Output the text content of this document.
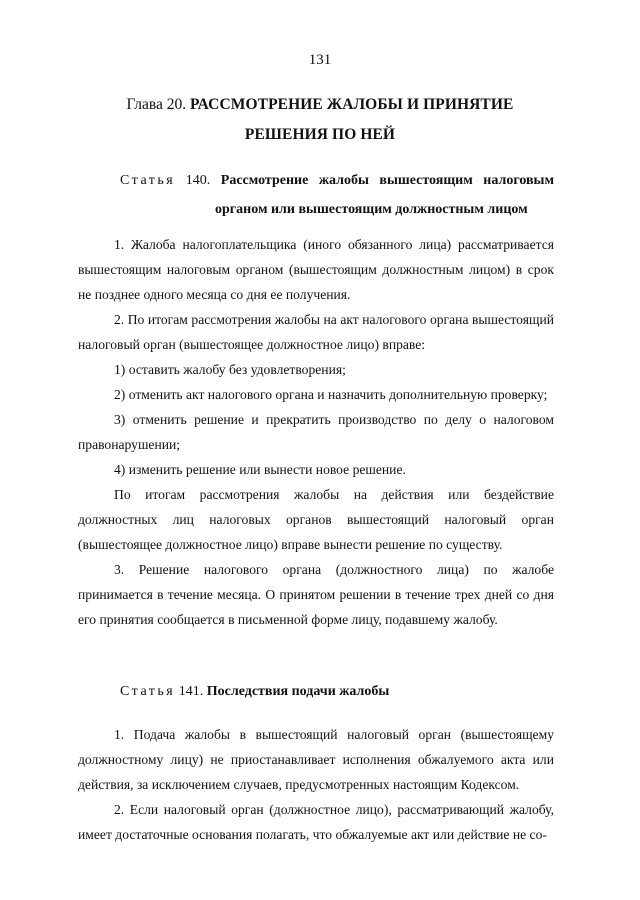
131
Глава 20. РАССМОТРЕНИЕ ЖАЛОБЫ И ПРИНЯТИЕ
РЕШЕНИЯ ПО НЕЙ
Статья 140. Рассмотрение жалобы вышестоящим налоговым
органом или вышестоящим должностным лицом

1. Жалоба налогоплательщика (иного обязанного лица) рассматривается вышестоящим налоговым органом (вышестоящим должностным лицом) в срок не позднее одного месяца со дня ее получения.

2. По итогам рассмотрения жалобы на акт налогового органа вышестоящий налоговый орган (вышестоящее должностное лицо) вправе:

1) оставить жалобу без удовлетворения;

2) отменить акт налогового органа и назначить дополнительную проверку;

3) отменить решение и прекратить производство по делу о налоговом правонарушении;

4) изменить решение или вынести новое решение.

По итогам рассмотрения жалобы на действия или бездействие должностных лиц налоговых органов вышестоящий налоговый орган (вышестоящее должностное лицо) вправе вынести решение по существу.

3. Решение налогового органа (должностного лица) по жалобе принимается в течение месяца. О принятом решении в течение трех дней со дня его принятия сообщается в письменной форме лицу, подавшему жалобу.

Статья 141. Последствия подачи жалобы

1. Подача жалобы в вышестоящий налоговый орган (вышестоящему должностному лицу) не приостанавливает исполнения обжалуемого акта или действия, за исключением случаев, предусмотренных настоящим Кодексом.

2. Если налоговый орган (должностное лицо), рассматривающий жалобу, имеет достаточные основания полагать, что обжалуемые акт или действие не со-
